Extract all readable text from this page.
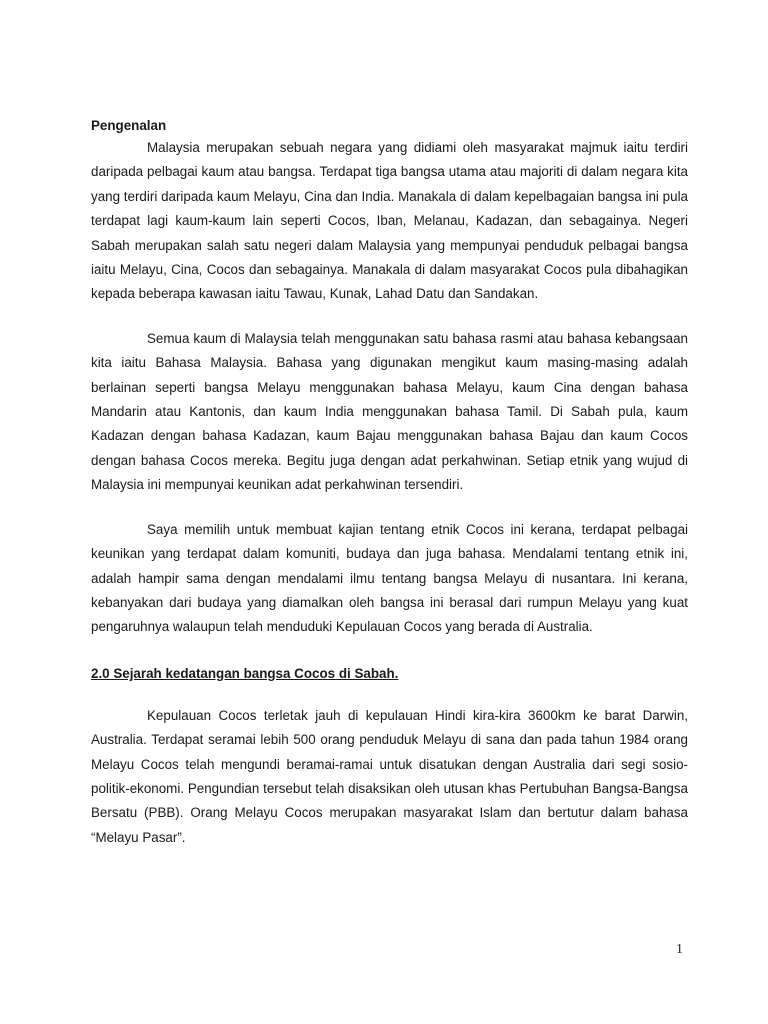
Pengenalan

Malaysia merupakan sebuah negara yang didiami oleh masyarakat majmuk iaitu terdiri daripada pelbagai kaum atau bangsa. Terdapat tiga bangsa utama atau majoriti di dalam negara kita yang terdiri daripada kaum Melayu, Cina dan India. Manakala di dalam kepelbagaian bangsa ini pula terdapat lagi kaum-kaum lain seperti Cocos, Iban, Melanau, Kadazan, dan sebagainya. Negeri Sabah merupakan salah satu negeri dalam Malaysia yang mempunyai penduduk pelbagai bangsa iaitu Melayu, Cina, Cocos dan sebagainya. Manakala di dalam masyarakat Cocos pula dibahagikan kepada beberapa kawasan iaitu Tawau, Kunak, Lahad Datu dan Sandakan.

Semua kaum di Malaysia telah menggunakan satu bahasa rasmi atau bahasa kebangsaan kita iaitu Bahasa Malaysia. Bahasa yang digunakan mengikut kaum masing-masing adalah berlainan seperti bangsa Melayu menggunakan bahasa Melayu, kaum Cina dengan bahasa Mandarin atau Kantonis, dan kaum India menggunakan bahasa Tamil. Di Sabah pula, kaum Kadazan dengan bahasa Kadazan, kaum Bajau menggunakan bahasa Bajau dan kaum Cocos dengan bahasa Cocos mereka. Begitu juga dengan adat perkahwinan. Setiap etnik yang wujud di Malaysia ini mempunyai keunikan adat perkahwinan tersendiri.

Saya memilih untuk membuat kajian tentang etnik Cocos ini kerana, terdapat pelbagai keunikan yang terdapat dalam komuniti, budaya dan juga bahasa. Mendalami tentang etnik ini, adalah hampir sama dengan mendalami ilmu tentang bangsa Melayu di nusantara. Ini kerana, kebanyakan dari budaya yang diamalkan oleh bangsa ini berasal dari rumpun Melayu yang kuat pengaruhnya walaupun telah menduduki Kepulauan Cocos yang berada di Australia.

2.0 Sejarah kedatangan bangsa Cocos di Sabah.

Kepulauan Cocos terletak jauh di kepulauan Hindi kira-kira 3600km ke barat Darwin, Australia. Terdapat seramai lebih 500 orang penduduk Melayu di sana dan pada tahun 1984 orang Melayu Cocos telah mengundi beramai-ramai untuk disatukan dengan Australia dari segi sosio-politik-ekonomi. Pengundian tersebut telah disaksikan oleh utusan khas Pertubuhan Bangsa-Bangsa Bersatu (PBB). Orang Melayu Cocos merupakan masyarakat Islam dan bertutur dalam bahasa “Melayu Pasar”.

1
